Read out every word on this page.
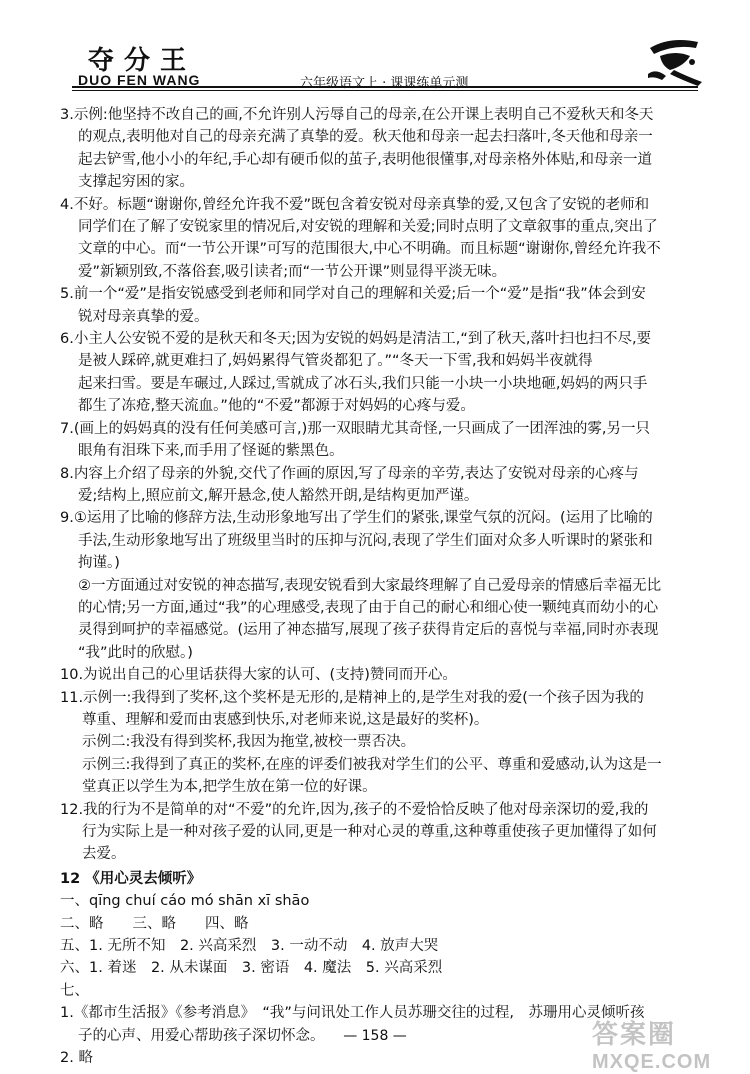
夺分王
DUO FEN WANG	六年级语文上 · 课课练单元测

3.示例:他坚持不改自己的画,不允许别人污辱自己的母亲,在公开课上表明自己不爱秋天和冬天

的观点,表明他对自己的母亲充满了真挚的爱。秋天他和母亲一起去扫落叶,冬天他和母亲一

起去铲雪,他小小的年纪,手心却有硬币似的茧子,表明他很懂事,对母亲格外体贴,和母亲一道

支撑起穷困的家。

4.不好。标题“谢谢你,曾经允许我不爱”既包含着安锐对母亲真挚的爱,又包含了安锐的老师和

同学们在了解了安锐家里的情况后,对安锐的理解和关爱;同时点明了文章叙事的重点,突出了

文章的中心。而“一节公开课”可写的范围很大,中心不明确。而且标题“谢谢你,曾经允许我不

爱”新颖别致,不落俗套,吸引读者;而“一节公开课”则显得平淡无味。

5.前一个“爱”是指安锐感受到老师和同学对自己的理解和关爱;后一个“爱”是指“我”体会到安

锐对母亲真挚的爱。

6.小主人公安锐不爱的是秋天和冬天;因为安锐的妈妈是清洁工,“到了秋天,落叶扫也扫不尽,要

是被人踩碎,就更难扫了,妈妈累得气管炎都犯了。”“冬天一下雪,我和妈妈半夜就得

起来扫雪。要是车碾过,人踩过,雪就成了冰石头,我们只能一小块一小块地砸,妈妈的两只手

都生了冻疮,整天流血。”他的“不爱”都源于对妈妈的心疼与爱。

7.(画上的妈妈真的没有任何美感可言,)那一双眼睛尤其奇怪,一只画成了一团浑浊的雾,另一只

眼角有泪珠下来,而手用了怪诞的紫黑色。

8.内容上介绍了母亲的外貌,交代了作画的原因,写了母亲的辛劳,表达了安锐对母亲的心疼与

爱;结构上,照应前文,解开悬念,使人豁然开朗,是结构更加严谨。

9.①运用了比喻的修辞方法,生动形象地写出了学生们的紧张,课堂气氛的沉闷。(运用了比喻的

手法,生动形象地写出了班级里当时的压抑与沉闷,表现了学生们面对众多人听课时的紧张和

拘谨。)

②一方面通过对安锐的神态描写,表现安锐看到大家最终理解了自己爱母亲的情感后幸福无比

的心情;另一方面,通过“我”的心理感受,表现了由于自己的耐心和细心使一颗纯真而幼小的心

灵得到呵护的幸福感觉。(运用了神态描写,展现了孩子获得肯定后的喜悦与幸福,同时亦表现

“我”此时的欣慰。)

10.为说出自己的心里话获得大家的认可、(支持)赞同而开心。

11.示例一:我得到了奖杯,这个奖杯是无形的,是精神上的,是学生对我的爱(一个孩子因为我的

尊重、理解和爱而由衷感到快乐,对老师来说,这是最好的奖杯)。

示例二:我没有得到奖杯,我因为拖堂,被校一票否决。

示例三:我得到了真正的奖杯,在座的评委们被我对学生们的公平、尊重和爱感动,认为这是一

堂真正以学生为本,把学生放在第一位的好课。

12.我的行为不是简单的对“不爱”的允许,因为,孩子的不爱恰恰反映了他对母亲深切的爱,我的

行为实际上是一种对孩子爱的认同,更是一种对心灵的尊重,这种尊重使孩子更加懂得了如何

去爱。

12 《用心灵去倾听》

一、qīng chuí cáo mó shān xī shāo

二、略　　三、略　　四、略

五、1. 无所不知　2. 兴高采烈　3. 一动不动　4. 放声大哭

六、1. 着迷　2. 从未谋面　3. 密语　4. 魔法　5. 兴高采烈

七、

1.《都市生活报》《参考消息》　“我”与问讯处工作人员苏珊交往的过程,　苏珊用心灵倾听孩

子的心声、用爱心帮助孩子深切怀念。

2. 略

— 158 —	答案圈
MXQE.COM
